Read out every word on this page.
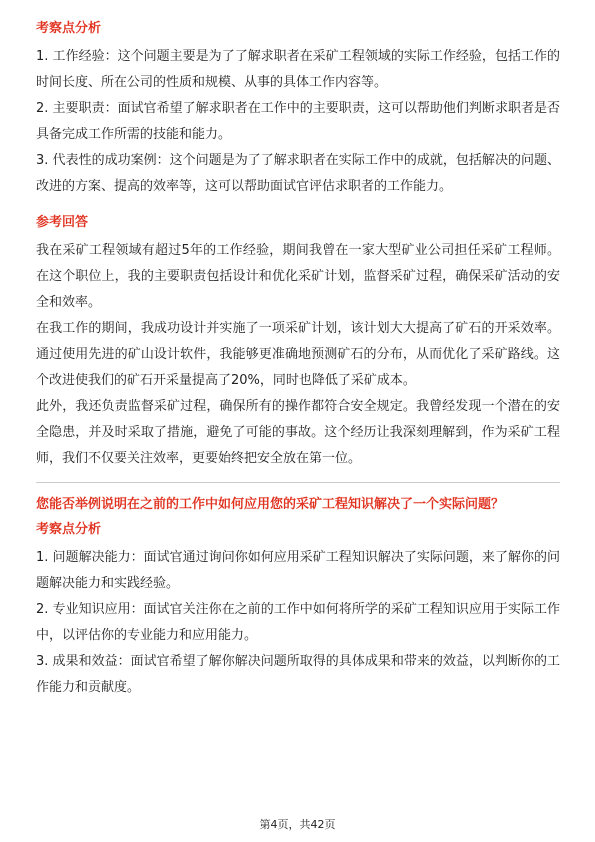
考察点分析

1. 工作经验：这个问题主要是为了了解求职者在采矿工程领域的实际工作经验，包括工作的时间长度、所在公司的性质和规模、从事的具体工作内容等。

2. 主要职责：面试官希望了解求职者在工作中的主要职责，这可以帮助他们判断求职者是否具备完成工作所需的技能和能力。

3. 代表性的成功案例：这个问题是为了了解求职者在实际工作中的成就，包括解决的问题、改进的方案、提高的效率等，这可以帮助面试官评估求职者的工作能力。

参考回答

我在采矿工程领域有超过5年的工作经验，期间我曾在一家大型矿业公司担任采矿工程师。在这个职位上，我的主要职责包括设计和优化采矿计划，监督采矿过程，确保采矿活动的安全和效率。

在我工作的期间，我成功设计并实施了一项采矿计划，该计划大大提高了矿石的开采效率。通过使用先进的矿山设计软件，我能够更准确地预测矿石的分布，从而优化了采矿路线。这个改进使我们的矿石开采量提高了20%，同时也降低了采矿成本。

此外，我还负责监督采矿过程，确保所有的操作都符合安全规定。我曾经发现一个潜在的安全隐患，并及时采取了措施，避免了可能的事故。这个经历让我深刻理解到，作为采矿工程师，我们不仅要关注效率，更要始终把安全放在第一位。

您能否举例说明在之前的工作中如何应用您的采矿工程知识解决了一个实际问题？
考察点分析

1. 问题解决能力：面试官通过询问你如何应用采矿工程知识解决了实际问题，来了解你的问题解决能力和实践经验。

2. 专业知识应用：面试官关注你在之前的工作中如何将所学的采矿工程知识应用于实际工作中，以评估你的专业能力和应用能力。

3. 成果和效益：面试官希望了解你解决问题所取得的具体成果和带来的效益，以判断你的工作能力和贡献度。

第4页，共42页
